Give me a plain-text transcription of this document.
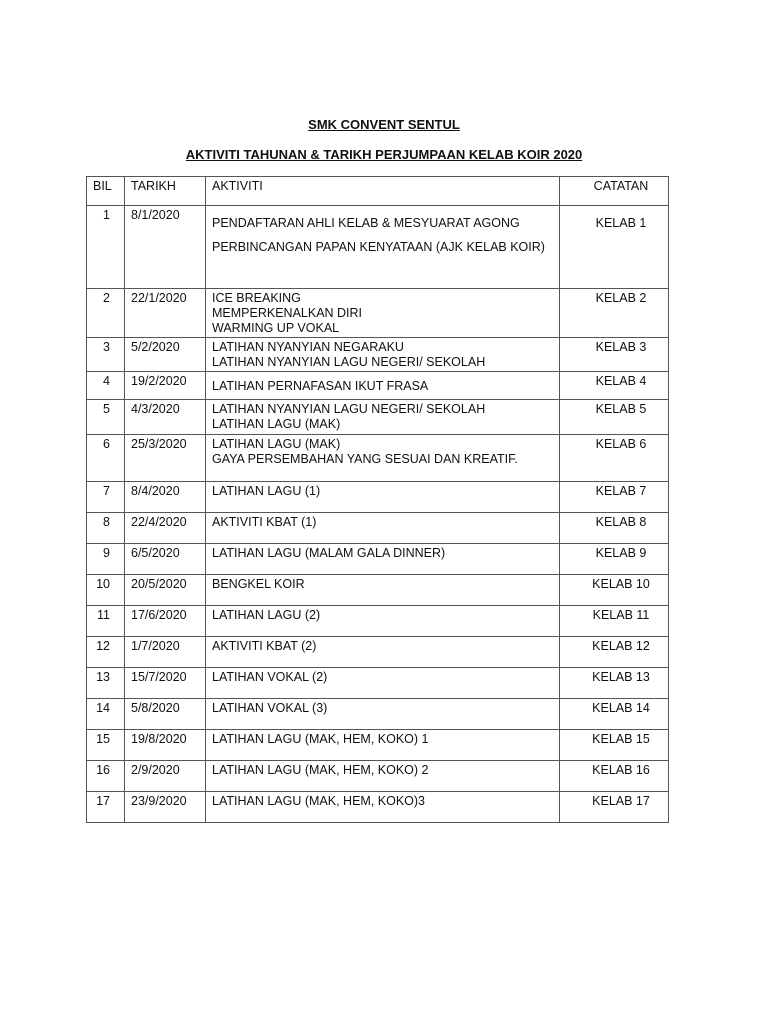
SMK CONVENT SENTUL
AKTIVITI TAHUNAN & TARIKH PERJUMPAAN KELAB KOIR 2020
BIL	TARIKH	AKTIVITI	CATATAN
1	8/1/2020	PENDAFTARAN AHLI KELAB & MESYUARAT AGONG
PERBINCANGAN PAPAN KENYATAAN (AJK KELAB KOIR)	KELAB 1

2	22/1/2020	ICE BREAKING
MEMPERKENALKAN DIRI
WARMING UP VOKAL	KELAB 2
3	5/2/2020	LATIHAN NYANYIAN NEGARAKU
LATIHAN NYANYIAN LAGU NEGERI/ SEKOLAH	KELAB 3
4	19/2/2020	LATIHAN PERNAFASAN IKUT FRASA	KELAB 4
5	4/3/2020	LATIHAN NYANYIAN LAGU NEGERI/ SEKOLAH
LATIHAN LAGU (MAK)	KELAB 5
6	25/3/2020	LATIHAN LAGU (MAK)
GAYA PERSEMBAHAN YANG SESUAI DAN KREATIF.	KELAB 6
7	8/4/2020	LATIHAN LAGU (1)	KELAB 7
8	22/4/2020	AKTIVITI KBAT (1)	KELAB 8
9	6/5/2020	LATIHAN LAGU (MALAM GALA DINNER)	KELAB 9
10	20/5/2020	BENGKEL KOIR	KELAB 10
11	17/6/2020	LATIHAN LAGU (2)	KELAB 11
12	1/7/2020	AKTIVITI KBAT (2)	KELAB 12
13	15/7/2020	LATIHAN VOKAL (2)	KELAB 13
14	5/8/2020	LATIHAN VOKAL (3)	KELAB 14
15	19/8/2020	LATIHAN LAGU (MAK, HEM, KOKO) 1	KELAB 15
16	2/9/2020	LATIHAN LAGU (MAK, HEM, KOKO) 2	KELAB 16
17	23/9/2020	LATIHAN LAGU (MAK, HEM, KOKO)3	KELAB 17
